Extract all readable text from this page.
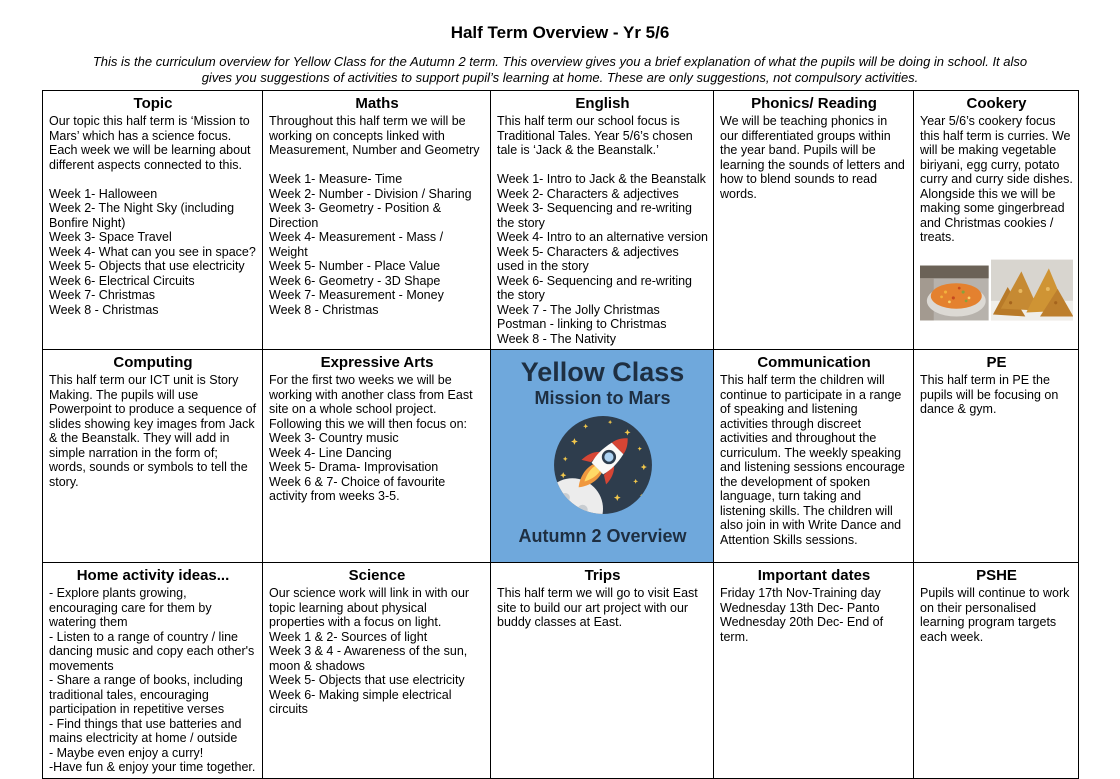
Half Term Overview - Yr 5/6
This is the curriculum overview for Yellow Class for the Autumn 2 term. This overview gives you a brief explanation of what the pupils will be doing in school. It also gives you suggestions of activities to support pupil’s learning at home. These are only suggestions, not compulsory activities.
Topic
Our topic this half term is ‘Mission to Mars’ which has a science focus.
Each week we will be learning about different aspects connected to this.

Week 1- Halloween
Week 2- The Night Sky (including Bonfire Night)
Week 3- Space Travel
Week 4- What can you see in space?
Week 5- Objects that use electricity
Week 6- Electrical Circuits
Week 7- Christmas
Week 8 - Christmas
Maths
Throughout this half term we will be working on concepts linked with Measurement, Number and Geometry

Week 1- Measure- Time
Week 2- Number - Division / Sharing
Week 3- Geometry - Position & Direction
Week 4- Measurement - Mass / Weight
Week 5- Number - Place Value
Week 6- Geometry - 3D Shape
Week 7- Measurement - Money
Week 8 - Christmas
English
This half term our school focus is Traditional Tales. Year 5/6’s chosen tale is ‘Jack & the Beanstalk.’

Week 1- Intro to Jack & the Beanstalk
Week 2- Characters & adjectives
Week 3- Sequencing and re-writing the story
Week 4- Intro to an alternative version
Week 5- Characters & adjectives used in the story
Week 6- Sequencing and re-writing the story
Week 7 - The Jolly Christmas Postman - linking to Christmas
Week 8 - The Nativity
Phonics/ Reading
We will be teaching phonics in our differentiated groups within the year band. Pupils will be learning the sounds of letters and how to blend sounds to read words.
Cookery
Year 5/6’s cookery focus this half term is curries. We will be making vegetable biriyani, egg curry, potato curry and curry side dishes. Alongside this we will be making some gingerbread and Christmas cookies / treats.
Computing
This half term our ICT unit is Story Making. The pupils will use Powerpoint to produce a sequence of slides showing key images from Jack & the Beanstalk. They will add in simple narration in the form of; words, sounds or symbols to tell the story.
Expressive Arts
For the first two weeks we will be working with another class from East site on a whole school project.
Following this we will then focus on:
Week 3- Country music
Week 4- Line Dancing
Week 5- Drama- Improvisation
Week 6 & 7- Choice of favourite activity from weeks 3-5.
Yellow Class
Mission to Mars
Autumn 2 Overview
Communication
This half term the children will continue to participate in a range of speaking and listening activities through discreet activities and throughout the curriculum. The weekly speaking and listening sessions encourage the development of spoken language, turn taking and listening skills. The children will also join in with Write Dance and Attention Skills sessions.
PE
This half term in PE the pupils will be focusing on dance & gym.
Home activity ideas...
- Explore plants growing, encouraging care for them by watering them
- Listen to a range of country / line dancing music and copy each other's movements
- Share a range of books, including traditional tales, encouraging participation in repetitive verses
- Find things that use batteries and mains electricity at home / outside
- Maybe even enjoy a curry!
-Have fun & enjoy your time together.
Science
Our science work will link in with our topic learning about physical properties with a focus on light.
Week 1 & 2- Sources of light
Week 3 & 4 - Awareness of the sun, moon & shadows
Week 5- Objects that use electricity
Week 6- Making simple electrical circuits
Trips
This half term we will go to visit East site to build our art project with our buddy classes at East.
Important dates
Friday 17th Nov-Training day
Wednesday 13th Dec- Panto
Wednesday 20th Dec- End of term.
PSHE
Pupils will continue to work on their personalised learning program targets each week.
